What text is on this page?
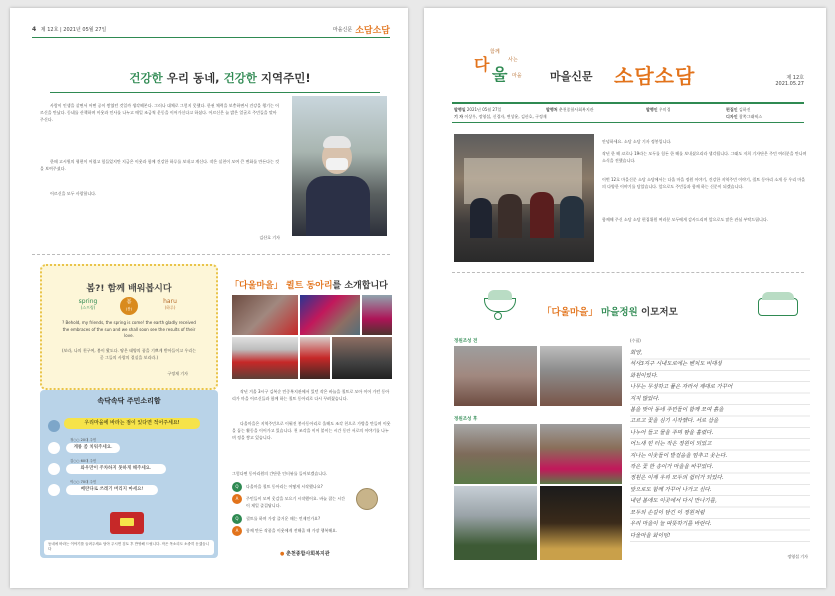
4 제 12호 | 2021년 05월 27일	마을신문 소담소담
건강한 우리 동네, 건강한 지역주민!
사람이 인생을 살면서 어떤 공이 쌓였던 것일까 생각해본다. 그러나 대체로 그렇지 못했다. 한권 체력을 보충하면서 건강을 챙기는 어르신을 만났다. 동네를 산책하며 이웃과 인사를 나누고 매일 조금씩 운동을 이어가신다고 하셨다. 어르신은 늘 밝은 얼굴로 주민들을 맞아 주신다.
한때 고시원의 형편이 어렵고 힘들었지만 지금은 이웃과 함께 건강한 하루를 보내고 계신다. 작은 실천이 모여 큰 변화를 만든다는 것을 보여주셨다.
어르신을 모두 사랑합니다.
김산호 기자
봄?! 함께 배워봅시다
spring
(스프링)
봄
(봄)
haru
(하루)
? Behold, my friends, the spring is come! the earth gladly received the embraces of the sun and we shall soon see the results of their love.
(보라, 나의 친구여, 봄이 왔도다. 땅은 태양의 품을 기쁘게 받아들이고 우리는 곧 그들의 사랑의 결실을 보리라.)
구정재 기자
속닥속닥 주민소리함
우리마을에 바라는 점이 있다면 적어주세요!
정○○ 20대 주민
계룡 좀 치워주세요.
김○○ 60대 주민
와우만이 주차하지 못하게 해주세요.
이○○ 70대 주민
베란다로 쓰레기 버리지 마세요!
동네에 바라는 이야기를 들려주세요 담아 주시면 검토 후 반영해 드립니다. 작은 목소리도 소중히 듣겠습니다
「다울마을」 퀼트 동아리를 소개합니다
작년 겨울 3시구 김복순 민중복지관에서 있던 작은 바늘을 퀼트로 모아 이어 가던 동아리가 마을 어르신들과 함께 하는 퀼트 동아리로 다시 꾸려졌습니다.
다울마을은 지역주민으로 이뤄진 봉사동아리로 올해도 조각 천으로 가방을 만들며 이웃을 돕는 활동을 이어가고 있습니다. 천 조각을 이어 붙이는 시간 동안 서로의 이야기를 나누며 정을 쌓고 있습니다.
그렇다면 동아리원의 간단한 인터뷰를 들어보겠습니다.
Q	다울마을 퀼트 동아리는 어떻게 시작했나요?
A	주민들이 모여 옷감을 모으기 시작했어요. 바늘 잡는 시간이 제일 즐겁답니다.
Q	퀼트를 하며 가장 즐거운 때는 언제인가요?
A	함께 만든 작품을 이웃에게 전해줄 때 가장 행복해요.
● 춘천종합사회복지관
다
울
함께
사는
마을	마을신문 소담소담	제 12호
2021.05.27
발행일 2021년 05월 27일	발행처 춘천종합사회복지관	발행인 우미경	편집인 김하진
기 자 이상우, 정영섭, 신경자, 변상윤, 김산호, 구정재	디자인 참쪽그래픽스
안녕하세요. 소담 소담 기자 정봉입니다.
작년 한 해 코로나 19라는 모두를 힘든 한 해를 보내셨으리라 생각됩니다. 그래도 저희 기자단은 주민 여러분을 만나며 소식을 전했습니다.
이번 12호 마을신문 소담 소담에서는 다울 마을 정원 이야기, 건강한 지역주민 이야기, 퀼트 동아리 소개 등 우리 마을의 다양한 이야기를 담았습니다. 앞으로도 주민들과 함께 하는 신문이 되겠습니다.
함께해 주신 소담 소담 편집위원 여러분 모두에게 감사드리며 앞으로도 많은 관심 부탁드립니다.
「다울마을」 마을정원 이모저모
정원조성 전
정원조성 후
(수필)
회양,
석사3지구 시내도로에는 벤치도 비대성
화원이었다.
나무는 무성하고 풀은 자라서 제대로 가꾸어
지지 않았다.
봄을 맞아 동네 주민들이 함께 모여 흙을
고르고 꽃을 심기 시작했다. 서로 삽을
나누어 들고 물을 주며 땀을 흘렸다.
어느새 빈 터는 작은 정원이 되었고
지나는 이웃들이 발걸음을 멈추고 웃는다.
작은 꽃 한 송이가 마을을 바꾸었다.
정원은 이제 우리 모두의 쉼터가 되었다.
앞으로도 함께 가꾸어 나가고 싶다.
내년 봄에도 이곳에서 다시 만나기를,
모두의 손길이 담긴 이 정원처럼
우리 마을이 늘 따뜻하기를 바란다.
다울마을 화이팅!
정영섭 기자
